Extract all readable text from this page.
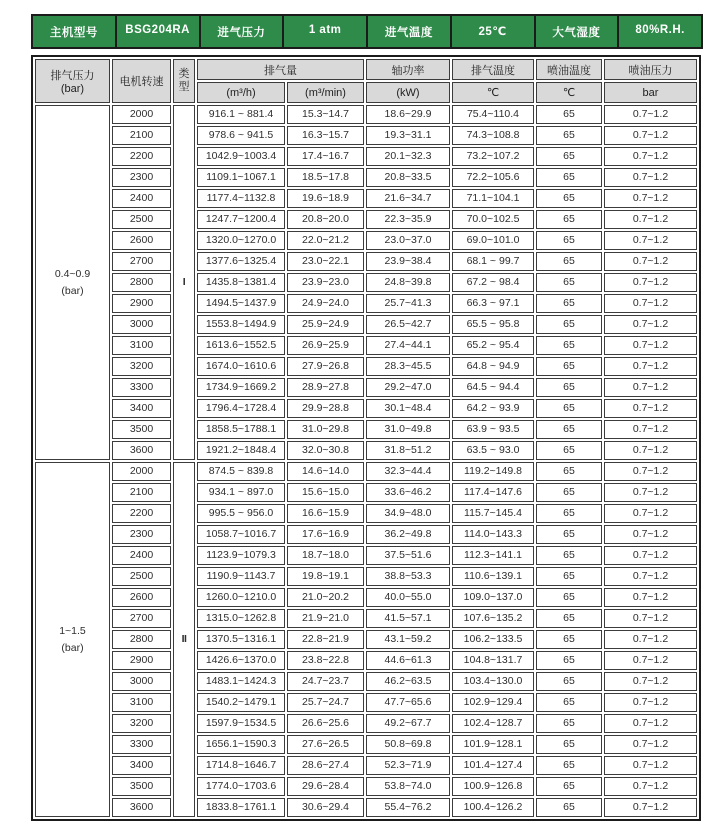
主机型号	BSG204RA	进气压力	1 atm	进气温度	25℃	大气湿度	80%R.H.
排气压力
(bar)	电机转速	类
型	排气量		轴功率	排气温度	喷油温度	喷油压力
			(m³/h)	(m³/min)	(kW)	℃	℃	bar

0.4~0.9
(bar)	2000	I	916.1 ~ 881.4	15.3~14.7	18.6~29.9	75.4~110.4	65	0.7~1.2
	2100		978.6 ~ 941.5	16.3~15.7	19.3~31.1	74.3~108.8	65	0.7~1.2
	2200		1042.9~1003.4	17.4~16.7	20.1~32.3	73.2~107.2	65	0.7~1.2
	2300		1109.1~1067.1	18.5~17.8	20.8~33.5	72.2~105.6	65	0.7~1.2
	2400		1177.4~1132.8	19.6~18.9	21.6~34.7	71.1~104.1	65	0.7~1.2
	2500		1247.7~1200.4	20.8~20.0	22.3~35.9	70.0~102.5	65	0.7~1.2
	2600		1320.0~1270.0	22.0~21.2	23.0~37.0	69.0~101.0	65	0.7~1.2
	2700		1377.6~1325.4	23.0~22.1	23.9~38.4	68.1 ~ 99.7	65	0.7~1.2
	2800		1435.8~1381.4	23.9~23.0	24.8~39.8	67.2 ~ 98.4	65	0.7~1.2
	2900		1494.5~1437.9	24.9~24.0	25.7~41.3	66.3 ~ 97.1	65	0.7~1.2
	3000		1553.8~1494.9	25.9~24.9	26.5~42.7	65.5 ~ 95.8	65	0.7~1.2
	3100		1613.6~1552.5	26.9~25.9	27.4~44.1	65.2 ~ 95.4	65	0.7~1.2
	3200		1674.0~1610.6	27.9~26.8	28.3~45.5	64.8 ~ 94.9	65	0.7~1.2
	3300		1734.9~1669.2	28.9~27.8	29.2~47.0	64.5 ~ 94.4	65	0.7~1.2
	3400		1796.4~1728.4	29.9~28.8	30.1~48.4	64.2 ~ 93.9	65	0.7~1.2
	3500		1858.5~1788.1	31.0~29.8	31.0~49.8	63.9 ~ 93.5	65	0.7~1.2
	3600		1921.2~1848.4	32.0~30.8	31.8~51.2	63.5 ~ 93.0	65	0.7~1.2

1~1.5
(bar)	2000	II	874.5 ~ 839.8	14.6~14.0	32.3~44.4	119.2~149.8	65	0.7~1.2
	2100		934.1 ~ 897.0	15.6~15.0	33.6~46.2	117.4~147.6	65	0.7~1.2
	2200		995.5 ~ 956.0	16.6~15.9	34.9~48.0	115.7~145.4	65	0.7~1.2
	2300		1058.7~1016.7	17.6~16.9	36.2~49.8	114.0~143.3	65	0.7~1.2
	2400		1123.9~1079.3	18.7~18.0	37.5~51.6	112.3~141.1	65	0.7~1.2
	2500		1190.9~1143.7	19.8~19.1	38.8~53.3	110.6~139.1	65	0.7~1.2
	2600		1260.0~1210.0	21.0~20.2	40.0~55.0	109.0~137.0	65	0.7~1.2
	2700		1315.0~1262.8	21.9~21.0	41.5~57.1	107.6~135.2	65	0.7~1.2
	2800		1370.5~1316.1	22.8~21.9	43.1~59.2	106.2~133.5	65	0.7~1.2
	2900		1426.6~1370.0	23.8~22.8	44.6~61.3	104.8~131.7	65	0.7~1.2
	3000		1483.1~1424.3	24.7~23.7	46.2~63.5	103.4~130.0	65	0.7~1.2
	3100		1540.2~1479.1	25.7~24.7	47.7~65.6	102.9~129.4	65	0.7~1.2
	3200		1597.9~1534.5	26.6~25.6	49.2~67.7	102.4~128.7	65	0.7~1.2
	3300		1656.1~1590.3	27.6~26.5	50.8~69.8	101.9~128.1	65	0.7~1.2
	3400		1714.8~1646.7	28.6~27.4	52.3~71.9	101.4~127.4	65	0.7~1.2
	3500		1774.0~1703.6	29.6~28.4	53.8~74.0	100.9~126.8	65	0.7~1.2
	3600		1833.8~1761.1	30.6~29.4	55.4~76.2	100.4~126.2	65	0.7~1.2
